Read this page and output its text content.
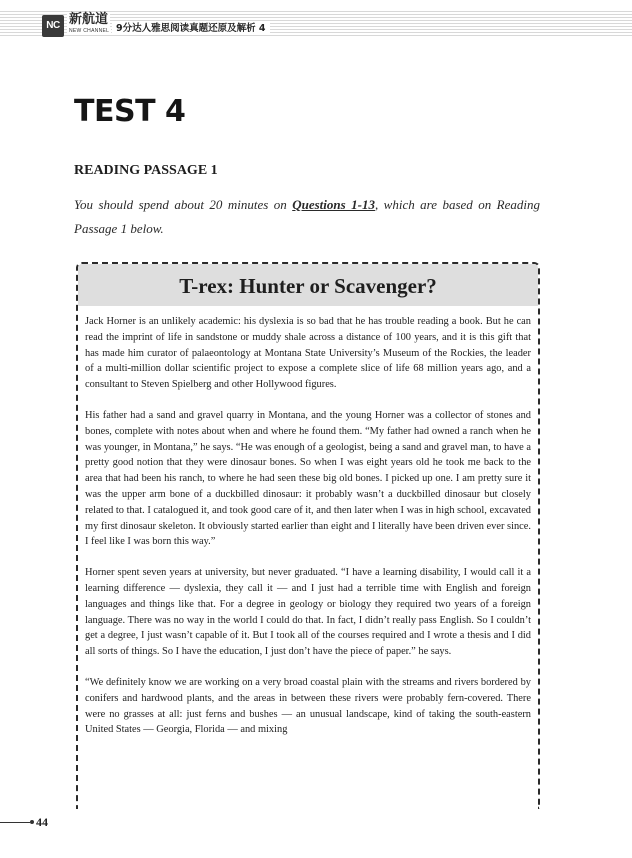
NC 新航道
NEW CHANNEL 9分达人雅思阅读真题还原及解析 4
TEST 4
READING PASSAGE 1

You should spend about 20 minutes on Questions 1-13, which are based on Reading Passage 1 below.

T-rex: Hunter or Scavenger?

Jack Horner is an unlikely academic: his dyslexia is so bad that he has trouble reading a book. But he can read the imprint of life in sandstone or muddy shale across a distance of 100 years, and it is this gift that has made him curator of palaeontology at Montana State University’s Museum of the Rockies, the leader of a multi-million dollar scientific project to expose a complete slice of life 68 million years ago, and a consultant to Steven Spielberg and other Hollywood figures.

His father had a sand and gravel quarry in Montana, and the young Horner was a collector of stones and bones, complete with notes about when and where he found them. “My father had owned a ranch when he was younger, in Montana,” he says. “He was enough of a geologist, being a sand and gravel man, to have a pretty good notion that they were dinosaur bones. So when I was eight years old he took me back to the area that had been his ranch, to where he had seen these big old bones. I picked up one. I am pretty sure it was the upper arm bone of a duckbilled dinosaur: it probably wasn’t a duckbilled dinosaur but closely related to that. I catalogued it, and took good care of it, and then later when I was in high school, excavated my first dinosaur skeleton. It obviously started earlier than eight and I literally have been driven ever since. I feel like I was born this way.”

Horner spent seven years at university, but never graduated. “I have a learning disability, I would call it a learning difference — dyslexia, they call it — and I just had a terrible time with English and foreign languages and things like that. For a degree in geology or biology they required two years of a foreign language. There was no way in the world I could do that. In fact, I didn’t really pass English. So I couldn’t get a degree, I just wasn’t capable of it. But I took all of the courses required and I wrote a thesis and I did all sorts of things. So I have the education, I just don’t have the piece of paper.” he says.

“We definitely know we are working on a very broad coastal plain with the streams and rivers bordered by conifers and hardwood plants, and the areas in between these rivers were probably fern-covered. There were no grasses at all: just ferns and bushes — an unusual landscape, kind of taking the south-eastern United States — Georgia, Florida — and mixing

44
